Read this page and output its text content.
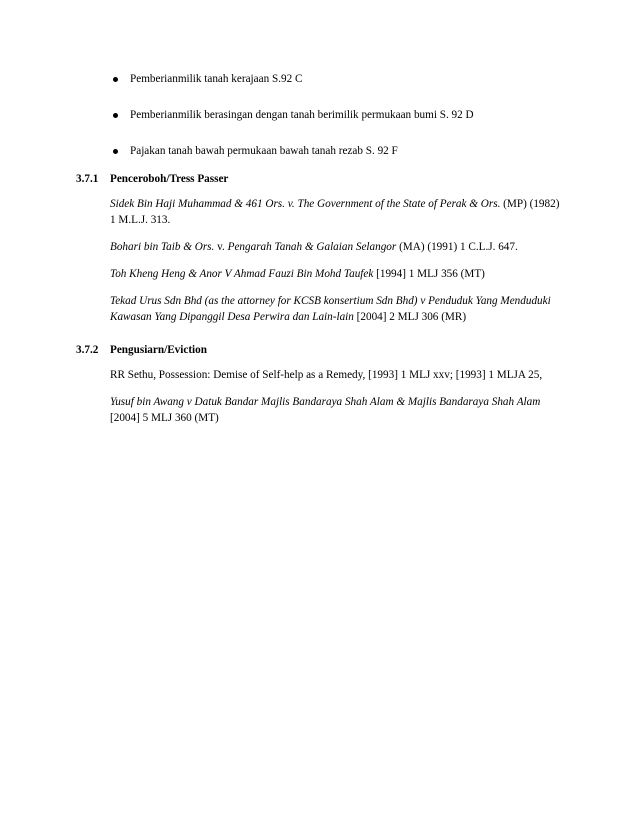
Pemberianmilik tanah kerajaan S.92 C
Pemberianmilik berasingan dengan tanah berimilik permukaan bumi S. 92 D
Pajakan tanah bawah permukaan bawah tanah rezab S. 92 F
3.7.1 Penceroboh/Tress Passer
Sidek Bin Haji Muhammad & 461 Ors. v. The Government of the State of Perak & Ors. (MP) (1982) 1 M.L.J. 313.
Bohari bin Taib & Ors. v. Pengarah Tanah & Galaian Selangor (MA) (1991) 1 C.L.J. 647.
Toh Kheng Heng & Anor V Ahmad Fauzi Bin Mohd Taufek [1994] 1 MLJ 356 (MT)
Tekad Urus Sdn Bhd (as the attorney for KCSB konsertium Sdn Bhd) v Penduduk Yang Menduduki Kawasan Yang Dipanggil Desa Perwira dan Lain-lain [2004] 2 MLJ 306 (MR)
3.7.2 Pengusiarn/Eviction
RR Sethu, Possession: Demise of Self-help as a Remedy, [1993] 1 MLJ xxv; [1993] 1 MLJA 25,
Yusuf bin Awang v Datuk Bandar Majlis Bandaraya Shah Alam & Majlis Bandaraya Shah Alam [2004] 5 MLJ 360 (MT)
